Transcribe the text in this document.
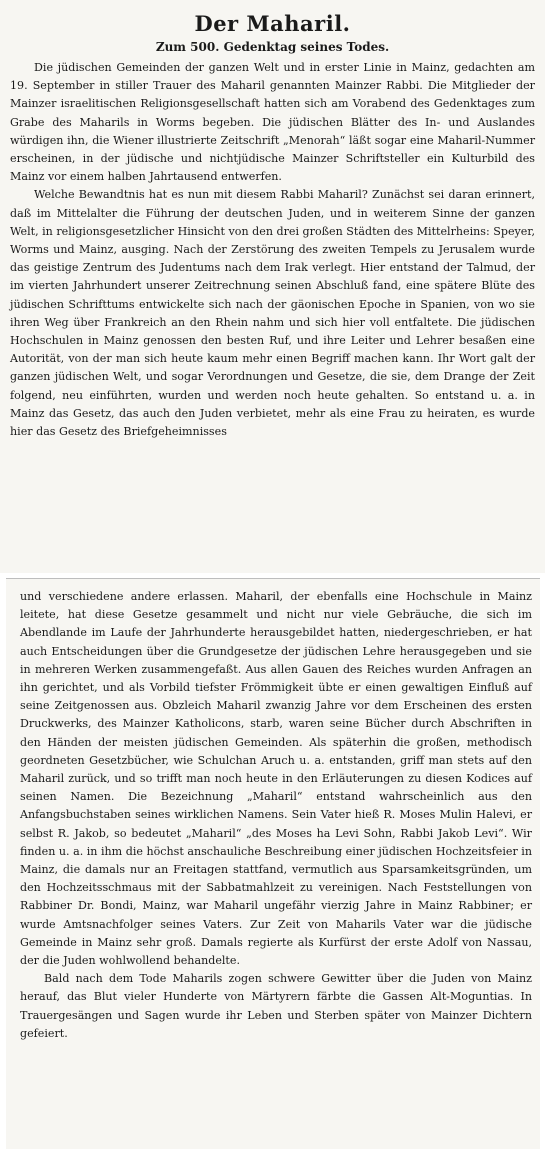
Der Maharil.
Zum 500. Gedenktag seines Todes.

Die jüdischen Gemeinden der ganzen Welt und in erster Linie in Mainz, gedachten am 19. September in stiller Trauer des Maharil genannten Mainzer Rabbi. Die Mitglieder der Mainzer israelitischen Religionsgesellschaft hatten sich am Vorabend des Gedenktages zum Grabe des Maharils in Worms begeben. Die jüdischen Blätter des In- und Auslandes würdigen ihn, die Wiener illustrierte Zeitschrift „Menorah“ läßt sogar eine Maharil-Nummer erscheinen, in der jüdische und nichtjüdische Mainzer Schriftsteller ein Kulturbild des Mainz vor einem halben Jahrtausend entwerfen.

Welche Bewandtnis hat es nun mit diesem Rabbi Maharil? Zunächst sei daran erinnert, daß im Mittelalter die Führung der deutschen Juden, und in weiterem Sinne der ganzen Welt, in religionsgesetzlicher Hinsicht von den drei großen Städten des Mittelrheins: Speyer, Worms und Mainz, ausging. Nach der Zerstörung des zweiten Tempels zu Jerusalem wurde das geistige Zentrum des Judentums nach dem Irak verlegt. Hier entstand der Talmud, der im vierten Jahrhundert unserer Zeitrechnung seinen Abschluß fand, eine spätere Blüte des jüdischen Schrifttums entwickelte sich nach der gäonischen Epoche in Spanien, von wo sie ihren Weg über Frankreich an den Rhein nahm und sich hier voll entfaltete. Die jüdischen Hochschulen in Mainz genossen den besten Ruf, und ihre Leiter und Lehrer besaßen eine Autorität, von der man sich heute kaum mehr einen Begriff machen kann. Ihr Wort galt der ganzen jüdischen Welt, und sogar Verordnungen und Gesetze, die sie, dem Drange der Zeit folgend, neu einführten, wurden und werden noch heute gehalten. So entstand u. a. in Mainz das Gesetz, das auch den Juden verbietet, mehr als eine Frau zu heiraten, es wurde hier das Gesetz des Briefgeheimnisses

und verschiedene andere erlassen. Maharil, der ebenfalls eine Hochschule in Mainz leitete, hat diese Gesetze gesammelt und nicht nur viele Gebräuche, die sich im Abendlande im Laufe der Jahrhunderte herausgebildet hatten, niedergeschrieben, er hat auch Entscheidungen über die Grundgesetze der jüdischen Lehre herausgegeben und sie in mehreren Werken zusammengefaßt. Aus allen Gauen des Reiches wurden Anfragen an ihn gerichtet, und als Vorbild tiefster Frömmigkeit übte er einen gewaltigen Einfluß auf seine Zeitgenossen aus. Obzleich Maharil zwanzig Jahre vor dem Erscheinen des ersten Druckwerks, des Mainzer Katholicons, starb, waren seine Bücher durch Abschriften in den Händen der meisten jüdischen Gemeinden. Als späterhin die großen, methodisch geordneten Gesetzbücher, wie Schulchan Aruch u. a. entstanden, griff man stets auf den Maharil zurück, und so trifft man noch heute in den Erläuterungen zu diesen Kodices auf seinen Namen. Die Bezeichnung „Maharil“ entstand wahrscheinlich aus den Anfangsbuchstaben seines wirklichen Namens. Sein Vater hieß R. Moses Mulin Halevi, er selbst R. Jakob, so bedeutet „Maharil“ „des Moses ha Levi Sohn, Rabbi Jakob Levi“. Wir finden u. a. in ihm die höchst anschauliche Beschreibung einer jüdischen Hochzeitsfeier in Mainz, die damals nur an Freitagen stattfand, vermutlich aus Sparsamkeitsgründen, um den Hochzeitsschmaus mit der Sabbatmahlzeit zu vereinigen. Nach Feststellungen von Rabbiner Dr. Bondi, Mainz, war Maharil ungefähr vierzig Jahre in Mainz Rabbiner; er wurde Amtsnachfolger seines Vaters. Zur Zeit von Maharils Vater war die jüdische Gemeinde in Mainz sehr groß. Damals regierte als Kurfürst der erste Adolf von Nassau, der die Juden wohlwollend behandelte.

Bald nach dem Tode Maharils zogen schwere Gewitter über die Juden von Mainz herauf, das Blut vieler Hunderte von Märtyrern färbte die Gassen Alt-Moguntias. In Trauergesängen und Sagen wurde ihr Leben und Sterben später von Mainzer Dichtern gefeiert.
